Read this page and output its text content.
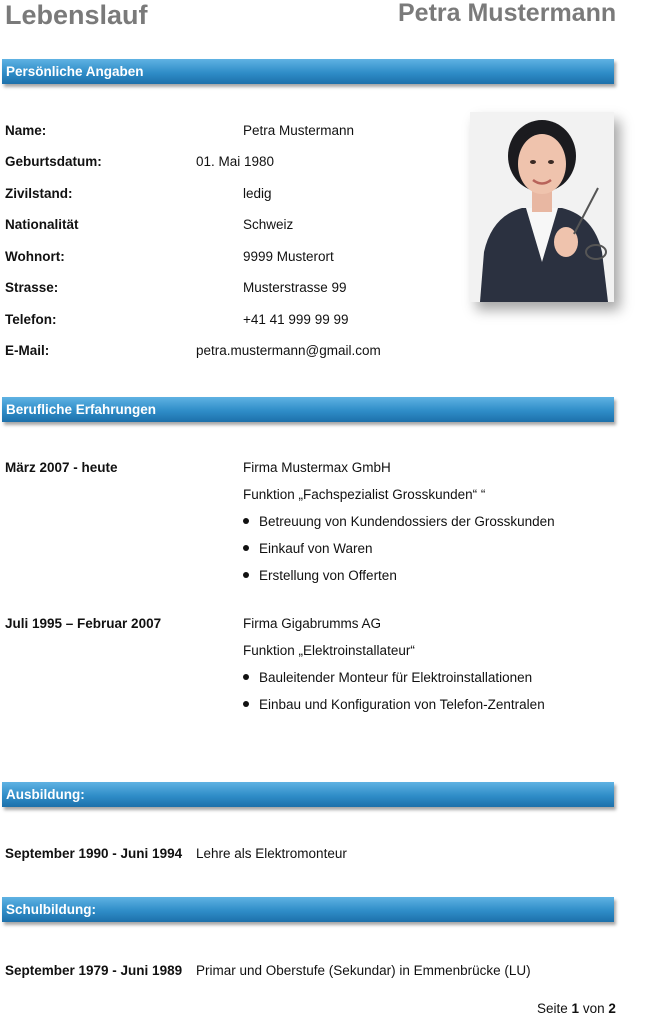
Lebenslauf	Petra Mustermann
Persönliche Angaben
Name:	Petra Mustermann
Geburtsdatum:	01. Mai 1980
Zivilstand:	ledig
Nationalität	Schweiz
Wohnort:	9999 Musterort
Strasse:	Musterstrasse 99
Telefon:	+41 41 999 99 99
E-Mail:	petra.mustermann@gmail.com
Berufliche Erfahrungen
März 2007 - heute	Firma Mustermax GmbH
Funktion „Fachspezialist Grosskunden“ “
Betreuung von Kundendossiers der Grosskunden
Einkauf von Waren
Erstellung von Offerten
Juli 1995 – Februar 2007	Firma Gigabrumms AG
Funktion „Elektroinstallateur“
Bauleitender Monteur für Elektroinstallationen
Einbau und Konfiguration von Telefon-Zentralen
Ausbildung:
September 1990 - Juni 1994 Lehre als Elektromonteur
Schulbildung:
September 1979 - Juni 1989 Primar und Oberstufe (Sekundar) in Emmenbrücke (LU)
Seite 1 von 2
